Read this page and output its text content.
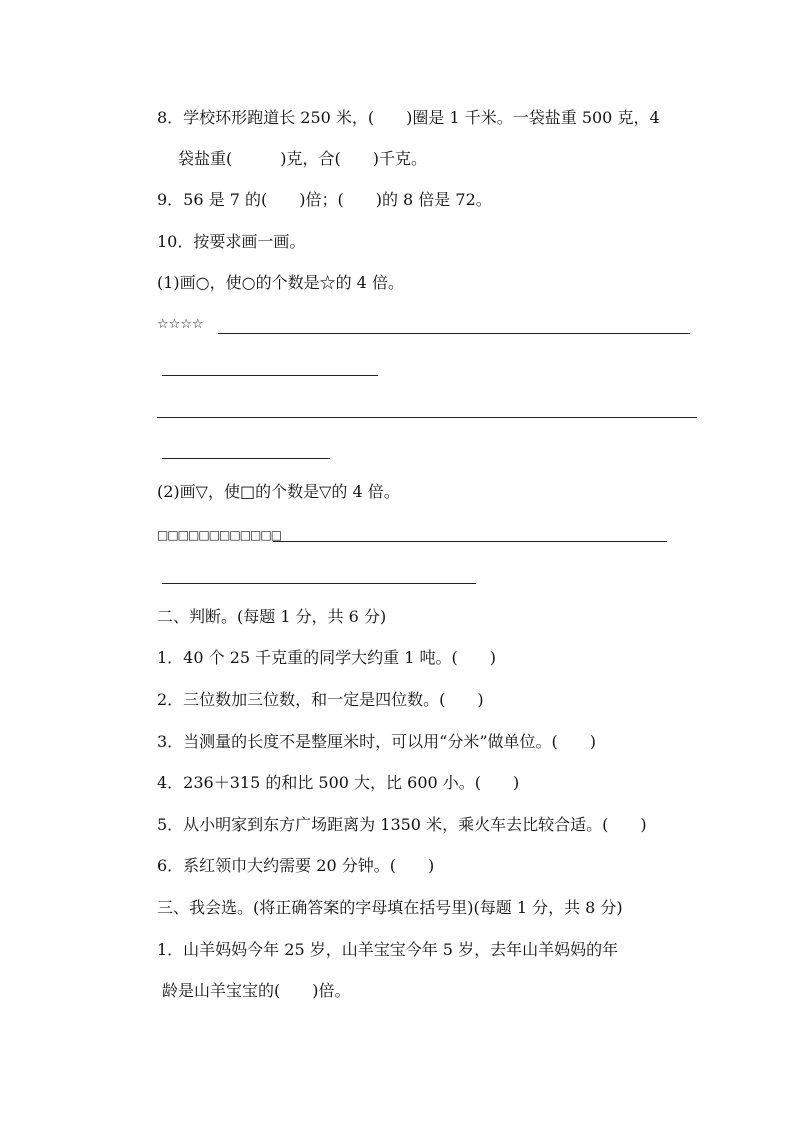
8．学校环形跑道长 250 米，(　　)圈是 1 千米。一袋盐重 500 克，4
袋盐重(　　　)克，合(　　)千克。
9．56 是 7 的(　　)倍；(　　)的 8 倍是 72。
10．按要求画一画。
(1)画○，使○的个数是☆的 4 倍。
☆☆☆☆
(2)画▽，使□的个数是▽的 4 倍。
□□□□□□□□□□□□
二、判断。(每题 1 分，共 6 分)
1．40 个 25 千克重的同学大约重 1 吨。(　　)
2．三位数加三位数，和一定是四位数。(　　)
3．当测量的长度不是整厘米时，可以用“分米”做单位。(　　)
4．236＋315 的和比 500 大，比 600 小。(　　)
5．从小明家到东方广场距离为 1350 米，乘火车去比较合适。(　　)
6．系红领巾大约需要 20 分钟。(　　)
三、我会选。(将正确答案的字母填在括号里)(每题 1 分，共 8 分)
1．山羊妈妈今年 25 岁，山羊宝宝今年 5 岁，去年山羊妈妈的年
龄是山羊宝宝的(　　)倍。
